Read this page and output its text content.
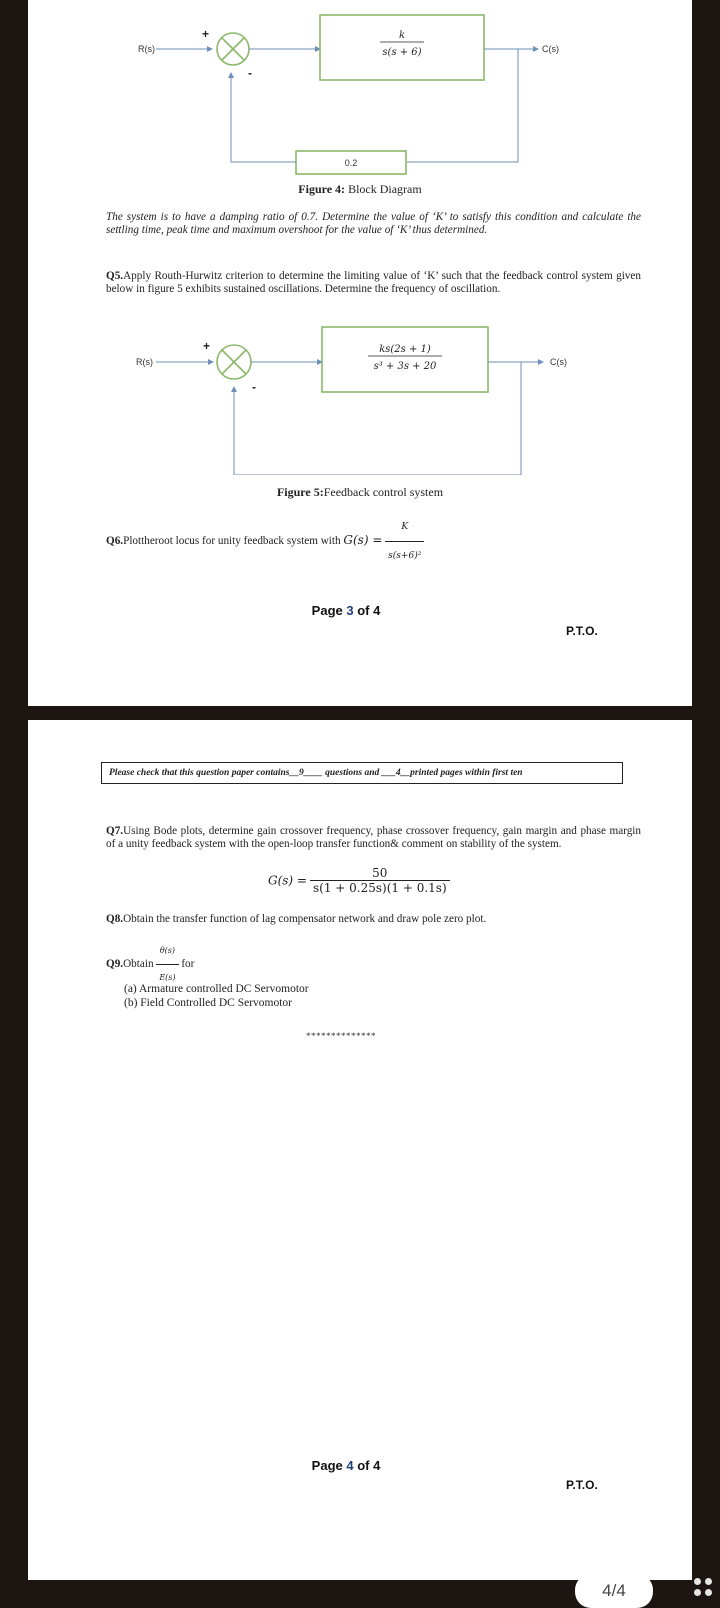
R(s)
+
-
k
s(s + 6)	C(s)
0.2
Figure 4: Block Diagram
The system is to have a damping ratio of 0.7. Determine the value of ‘K’ to satisfy this condition and calculate the settling time, peak time and maximum overshoot for the value of ‘K’ thus determined.
Q5.Apply Routh-Hurwitz criterion to determine the limiting value of ‘K’ such that the feedback control system given below in figure 5 exhibits sustained oscillations. Determine the frequency of oscillation.
R(s)
+
-
ks(2s + 1)
s³ + 3s + 20	C(s)
Figure 5:Feedback control system
Q6.Plottheroot locus for unity feedback system with $G(s) = \frac{K}{\text{s(s+6)²}}$
Page 3 of 4
P.T.O.
Please check that this question paper contains__9____ questions and ___4__printed pages within first ten
Q7.Using Bode plots, determine gain crossover frequency, phase crossover frequency, gain margin and phase margin of a unity feedback system with the open-loop transfer function& comment on stability of the system.
$G(s) = \frac{50}{s(1 + 0.25s)(1 + 0.1s)}$
Q8.Obtain the transfer function of lag compensator network and draw pole zero plot.
Q9.Obtain $\frac{\theta(s)}{E(s)}$ for
(a) Armature controlled DC Servomotor
(b) Field Controlled DC Servomotor
**************
Page 4 of 4
P.T.O.
4/4
